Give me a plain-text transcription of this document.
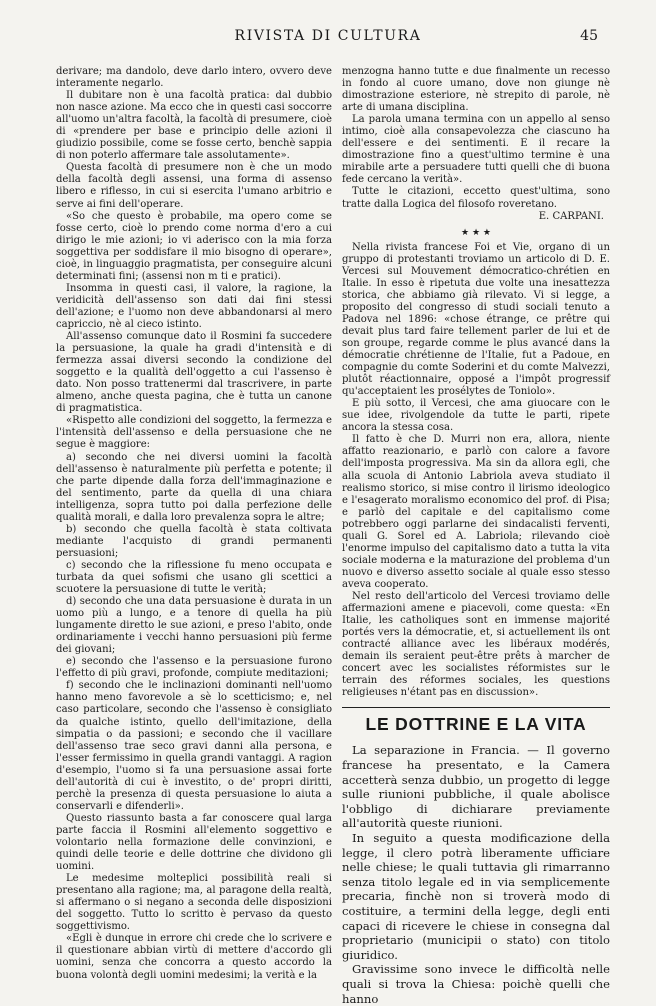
RIVISTA DI CULTURA	45

derivare; ma dandolo, deve darlo intero, ovvero deve interamente negarlo.

Il dubitare non è una facoltà pratica: dal dubbio non nasce azione. Ma ecco che in questi casi soccorre all'uomo un'altra facoltà, la facoltà di presumere, cioè di «prendere per base e principio delle azioni il giudizio possibile, come se fosse certo, benchè sappia di non poterlo affermare tale assolutamente».

Questa facoltà di presumere non è che un modo della facoltà degli assensi, una forma di assenso libero e riflesso, in cui si esercita l'umano arbitrio e serve ai fini dell'operare.

«So che questo è probabile, ma opero come se fosse certo, cioè lo prendo come norma d'ero a cui dirigo le mie azioni; io vi aderisco con la mia forza soggettiva per soddisfare il mio bisogno di operare», cioè, in linguaggio pragmatista, per conseguire alcuni determinati fini; (assensi non m ti e pratici).

Insomma in questi casi, il valore, la ragione, la veridicità dell'assenso son dati dai fini stessi dell'azione; e l'uomo non deve abbandonarsi al mero capriccio, nè al cieco istinto.

All'assenso comunque dato il Rosmini fa succedere la persuasione, la quale ha gradi d'intensità e di fermezza assai diversi secondo la condizione del soggetto e la qualità dell'oggetto a cui l'assenso è dato. Non posso trattenermi dal trascrivere, in parte almeno, anche questa pagina, che è tutta un canone di pragmatistica.

«Rispetto alle condizioni del soggetto, la fermezza e l'intensità dell'assenso e della persuasione che ne segue è maggiore:

a) secondo che nei diversi uomini la facoltà dell'assenso è naturalmente più perfetta e potente; il che parte dipende dalla forza dell'immaginazione e del sentimento, parte da quella di una chiara intelligenza, sopra tutto poi dalla perfezione delle qualità morali, e dalla loro prevalenza sopra le altre;

b) secondo che quella facoltà è stata coltivata mediante l'acquisto di grandi permanenti persuasioni;

c) secondo che la riflessione fu meno occupata e turbata da quei sofismi che usano gli scettici a scuotere la persuasione di tutte le verità;

d) secondo che una data persuasione è durata in un uomo più a lungo, e a tenore di quella ha più lungamente diretto le sue azioni, e preso l'abito, onde ordinariamente i vecchi hanno persuasioni più ferme dei giovani;

e) secondo che l'assenso e la persuasione furono l'effetto di più gravi, profonde, compiute meditazioni;

f) secondo che le inclinazioni dominanti nell'uomo hanno meno favorevole a sè lo scetticismo; e, nel caso particolare, secondo che l'assenso è consigliato da qualche istinto, quello dell'imitazione, della simpatia o da passioni; e secondo che il vacillare dell'assenso trae seco gravi danni alla persona, e l'esser fermissimo in quella grandi vantaggi. A ragion d'esempio, l'uomo si fa una persuasione assai forte dell'autorità di cui è investito, o de' propri diritti, perchè la presenza di questa persuasione lo aiuta a conservarli e difenderli».

Questo riassunto basta a far conoscere qual larga parte faccia il Rosmini all'elemento soggettivo e volontario nella formazione delle convinzioni, e quindi delle teorie e delle dottrine che dividono gli uomini.

Le medesime molteplici possibilità reali si presentano alla ragione; ma, al paragone della realtà, si affermano o si negano a seconda delle disposizioni del soggetto. Tutto lo scritto è pervaso da questo soggettivismo.

«Egli è dunque in errore chi crede che lo scrivere e il questionare abbian virtù di mettere d'accordo gli uomini, senza che concorra a questo accordo la buona volontà degli uomini medesimi; la verità e la

menzogna hanno tutte e due finalmente un recesso in fondo al cuore umano, dove non giunge nè dimostrazione esteriore, nè strepito di parole, nè arte di umana disciplina.

La parola umana termina con un appello al senso intimo, cioè alla consapevolezza che ciascuno ha dell'essere e dei sentimenti. E il recare la dimostrazione fino a quest'ultimo termine è una mirabile arte a persuadere tutti quelli che di buona fede cercano la verità».

Tutte le citazioni, eccetto quest'ultima, sono tratte dalla Logica del filosofo roveretano.

E. CARPANI.

★ ★ ★

Nella rivista francese Foi et Vie, organo di un gruppo di protestanti troviamo un articolo di D. E. Vercesi sul Mouvement démocratico-chrétien en Italie. In esso è ripetuta due volte una inesattezza storica, che abbiamo già rilevato. Vi si legge, a proposito del congresso di studi sociali tenuto a Padova nel 1896: «chose étrange, ce prêtre qui devait plus tard faire tellement parler de lui et de son groupe, regarde comme le plus avancé dans la démocratie chrétienne de l'Italie, fut a Padoue, en compagnie du comte Soderini et du comte Malvezzi, plutôt réactionnaire, opposé a l'impôt progressif qu'acceptaient les prosélytes de Toniolo».

E più sotto, il Vercesi, che ama giuocare con le sue idee, rivolgendole da tutte le parti, ripete ancora la stessa cosa.

Il fatto è che D. Murri non era, allora, niente affatto reazionario, e parlò con calore a favore dell'imposta progressiva. Ma sin da allora egli, che alla scuola di Antonio Labriola aveva studiato il realismo storico, si mise contro il lirismo ideologico e l'esagerato moralismo economico del prof. di Pisa; e parlò del capitale e del capitalismo come potrebbero oggi parlarne dei sindacalisti ferventi, quali G. Sorel ed A. Labriola; rilevando cioè l'enorme impulso del capitalismo dato a tutta la vita sociale moderna e la maturazione del problema d'un nuovo e diverso assetto sociale al quale esso stesso aveva cooperato.

Nel resto dell'articolo del Vercesi troviamo delle affermazioni amene e piacevoli, come questa: «En Italie, les catholiques sont en immense majorité portés vers la démocratie, et, si actuellement ils ont contracté alliance avec les libéraux modérés, demain ils seraient peut-être prêts à marcher de concert avec les socialistes réformistes sur le terrain des réformes sociales, les questions religieuses n'étant pas en discussion».

LE DOTTRINE E LA VITA

La separazione in Francia. — Il governo francese ha presentato, e la Camera accetterà senza dubbio, un progetto di legge sulle riunioni pubbliche, il quale abolisce l'obbligo di dichiarare previamente all'autorità queste riunioni.

In seguito a questa modificazione della legge, il clero potrà liberamente ufficiare nelle chiese; le quali tuttavia gli rimarranno senza titolo legale ed in via semplicemente precaria, finchè non si troverà modo di costituire, a termini della legge, degli enti capaci di ricevere le chiese in consegna dal proprietario (municipii o stato) con titolo giuridico.

Gravissime sono invece le difficoltà nelle quali si trova la Chiesa: poichè quelli che hanno
